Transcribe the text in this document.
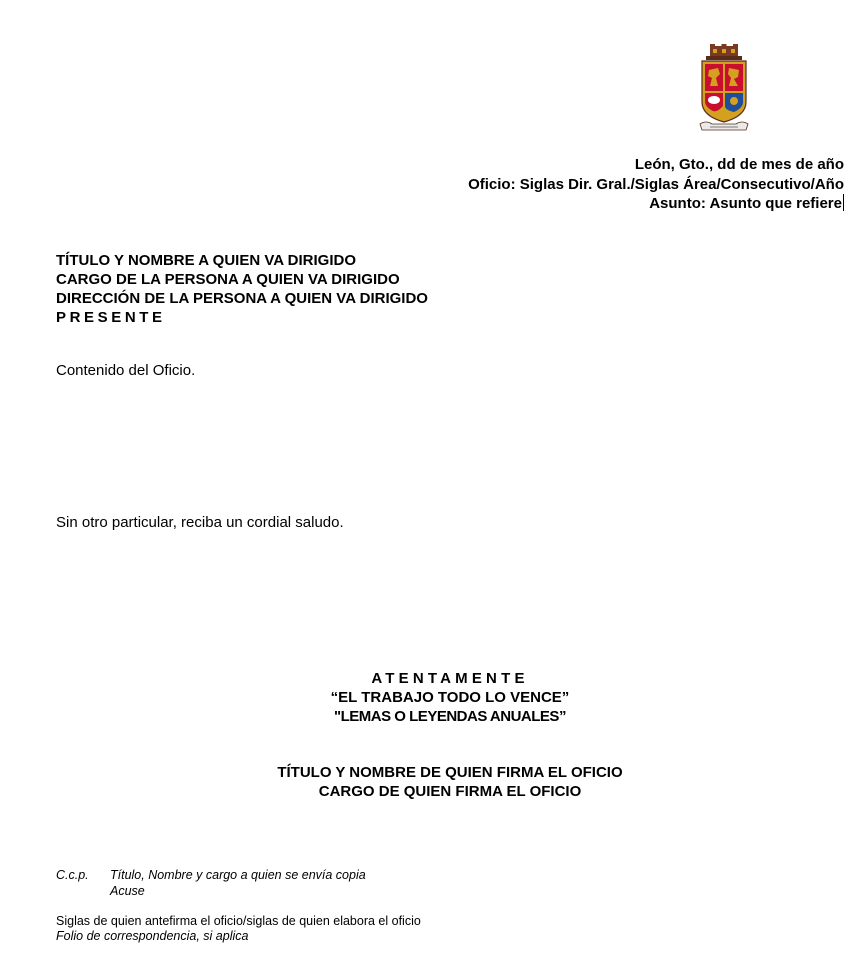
León, Gto., dd de mes de año
Oficio: Siglas Dir. Gral./Siglas Área/Consecutivo/Año
Asunto: Asunto que refiere
TÍTULO Y NOMBRE A QUIEN VA DIRIGIDO
CARGO DE LA PERSONA A QUIEN VA DIRIGIDO
DIRECCIÓN DE LA PERSONA A QUIEN VA DIRIGIDO
PRESENTE
Contenido del Oficio.
Sin otro particular, reciba un cordial saludo.
ATENTAMENTE
“EL TRABAJO TODO LO VENCE”
"LEMAS O LEYENDAS ANUALES”
TÍTULO Y NOMBRE DE QUIEN FIRMA EL OFICIO
CARGO DE QUIEN FIRMA EL OFICIO
C.c.p. Título, Nombre y cargo a quien se envía copia
Acuse
Siglas de quien antefirma el oficio/siglas de quien elabora el oficio
Folio de correspondencia, si aplica
